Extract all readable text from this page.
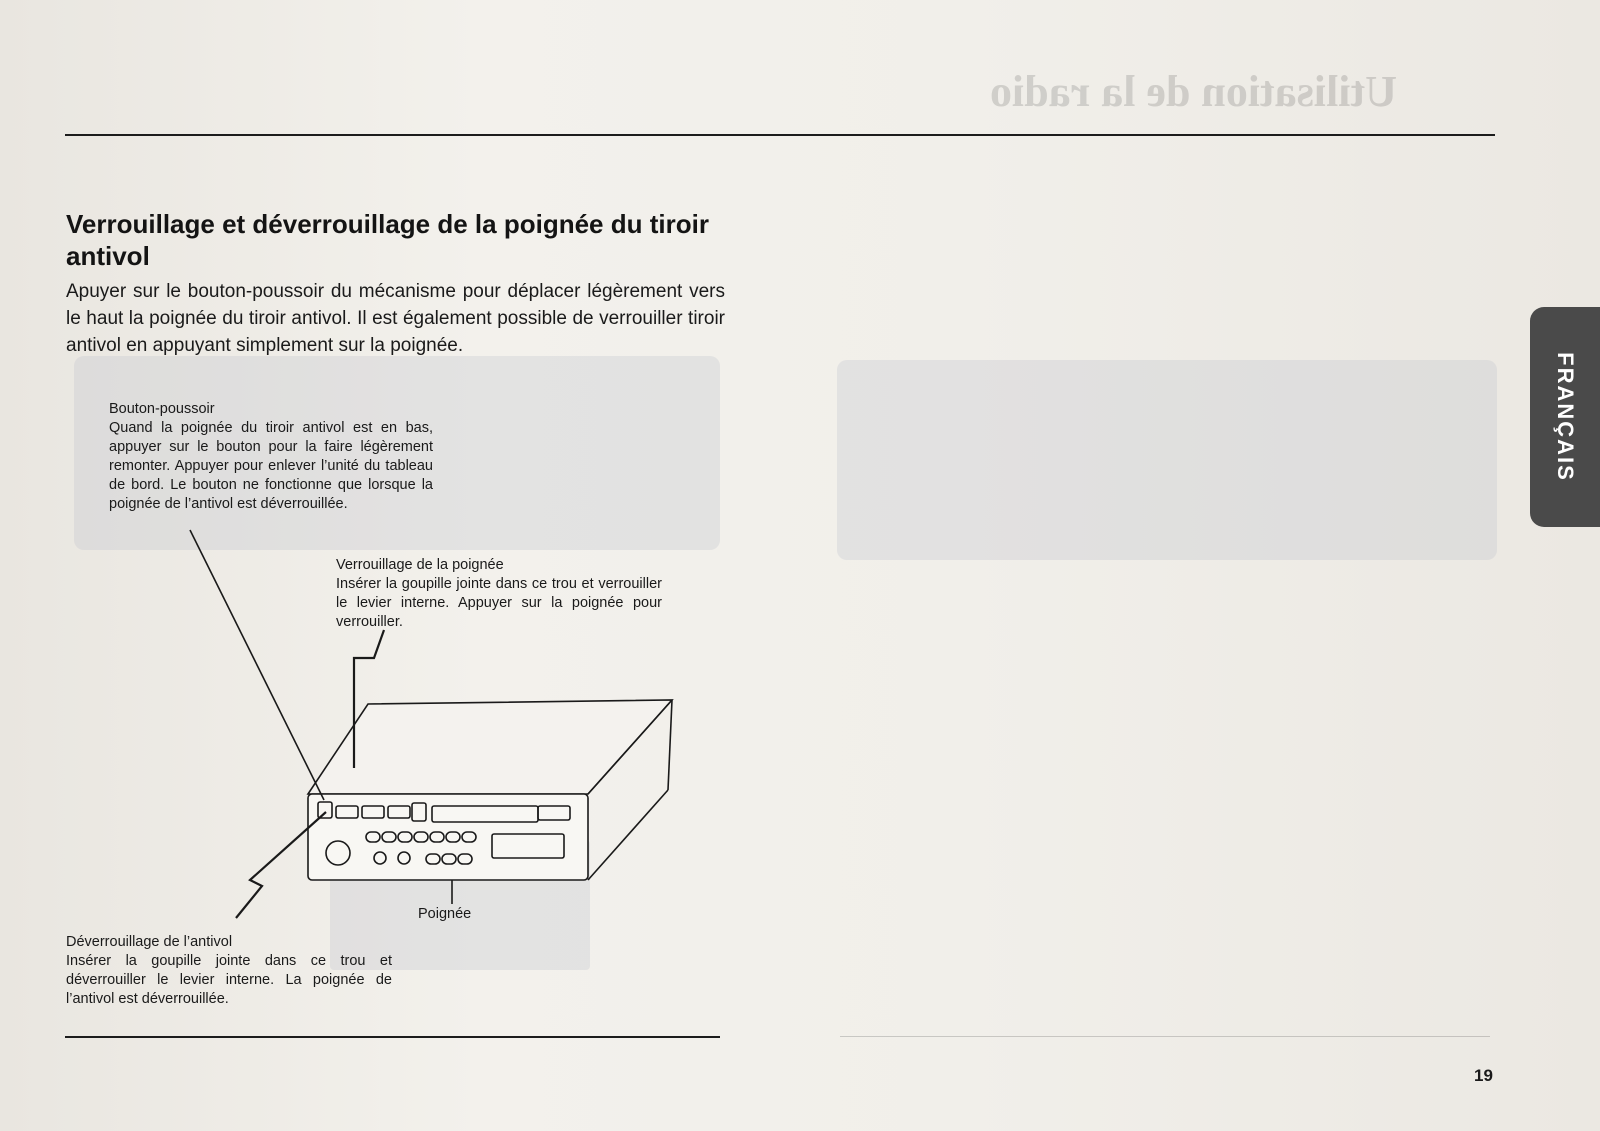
Utilisation de la radio
Verrouillage et déverrouillage de la poignée du tiroir antivol

Apuyer sur le bouton-poussoir du mécanisme pour déplacer légèrement vers le haut la poignée du tiroir antivol. Il est également possible de verrouiller tiroir antivol en appuyant simplement sur la poignée.

Bouton-poussoir
Quand la poignée du tiroir antivol est en bas, appuyer sur le bouton pour la faire légèrement remonter. Appuyer pour enlever l’unité du tableau de bord. Le bouton ne fonctionne que lorsque la poignée de l’antivol est déverrouillée.
Verrouillage de la poignée
Insérer la goupille jointe dans ce trou et verrouiller le levier interne. Appuyer sur la poignée pour verrouiller.
Déverrouillage de l’antivol
Insérer la goupille jointe dans ce trou et déverrouiller le levier interne. La poignée de l’antivol est déverrouillée.

Poignée

FRANÇAIS

19
